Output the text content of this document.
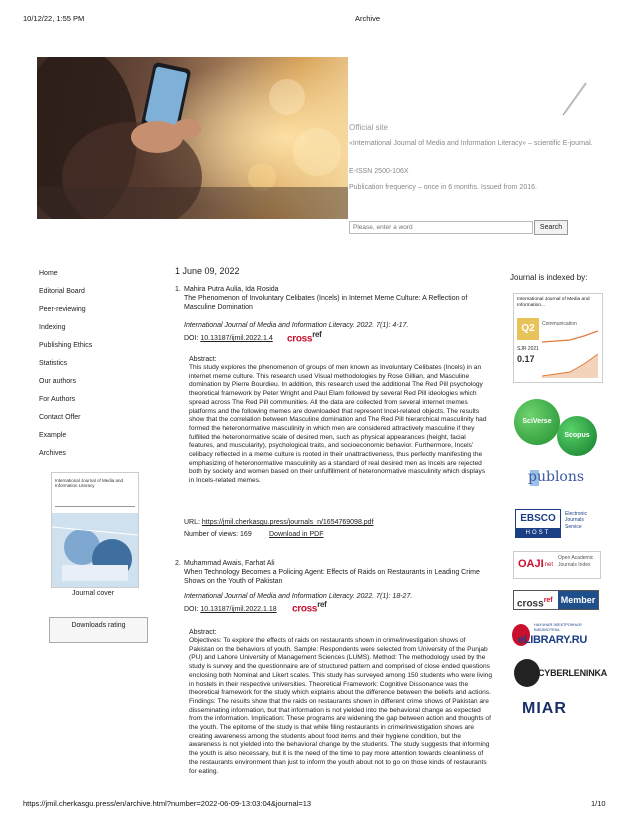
10/12/22, 1:55 PM	Archive
https://jmil.cherkasgu.press/en/archive.html?number=2022-06-09-13:03:04&journal=13	1/10
Official site
«International Journal of Media and Information Literacy» – scientific E-journal.
E-ISSN 2500-106X
Publication frequency – once in 6 months. Issued from 2016.
Please, enter a word
Search
Home
Editorial Board
Peer-reviewing
Indexing
Publishing Ethics
Statistics
Our authors
For Authors
Contact Offer
Example
Archives
International Journal of Media and Information Literacy
Journal cover
Downloads rating
1 June 09, 2022
1. Mahira Putra Aulia, Ida Rosida
The Phenomenon of Involuntary Celibates (Incels) in Internet Meme Culture: A Reflection of Masculine Domination
International Journal of Media and Information Literacy. 2022. 7(1): 4-17.
DOI: 10.13187/ijmil.2022.1.4 cross$^{ref}$
Abstract:
This study explores the phenomenon of groups of men known as Involuntary Celibates (Incels) in an internet meme culture. This research used Visual methodologies by Rose Gillian, and Masculine domination by Pierre Bourdieu. In addition, this research used the additional The Red Pill psychology theoretical framework by Peter Wright and Paul Elam followed by several Red Pill ideologies which spread across The Red Pill communities. All the data are collected from several internet memes platforms and the following memes are downloaded that represent Incel-related objects. The results show that the correlation between Masculine domination and The Red Pill hierarchical masculinity had formed the heteronormative masculinity in which men are considered attractively masculine if they fulfilled the heteronormative scale of desired men, such as physical appearances (height, facial features, and muscularity), psychological traits, and socioeconomic behavior. Furthermore, Incels' celibacy reflected in a meme culture is rooted in their unattractiveness, thus perfectly manifesting the emphasizing of heteronormative masculinity as a standard of real desired men as Incels are rejected both by society and women based on their unfulfillment of heteronormative masculinity which displays in Incels-related memes.
URL: https://jmil.cherkasgu.press/journals_n/1654769098.pdf
Number of views: 169 Download in PDF
2. Muhammad Awais, Farhat Ali
When Technology Becomes a Policing Agent: Effects of Raids on Restaurants in Leading Crime Shows on the Youth of Pakistan
International Journal of Media and Information Literacy. 2022. 7(1): 18-27.
DOI: 10.13187/ijmil.2022.1.18 cross$^{ref}$
Abstract:
Objectives: To explore the effects of raids on restaurants shown in crime/investigation shows of Pakistan on the behaviors of youth. Sample: Respondents were selected from University of the Punjab (PU) and Lahore University of Management Sciences (LUMS). Method: The methodology used by the study is survey and the questionnaire are of structured pattern and comprised of close ended questions enclosing both Nominal and Likert scales. This study has surveyed among 150 students who were living in hostels in their respective universities. Theoretical Framework: Cognitive Dissonance was the theoretical framework for the study which explains about the difference between the beliefs and actions. Findings: The results show that the raids on restaurants shown in different crime shows of Pakistan are disseminating information, but that information is not yielded into the behavioral change as expected from the information. Implication: These programs are widening the gap between action and thoughts of the youth. The epitome of the study is that while filing restaurants in crime/investigation shows are creating awareness among the students about food items and their hygiene condition, but the awareness is not yielded into the behavioral change by the students. The study suggests that informing the youth is also necessary, but it is the need of the time to pay more attention towards cleanliness of the restaurants environment than just to inform the youth about not to go on those kinds of restaurants for eating.
Journal is indexed by:
International Journal of Media and Information...
Q2	Communication
SJR 2021
0.17
SciVerse
Scopus
publons
EBSCO
HOST
Electronic Journals Service
OAJI .net
Open Academic Journals Index
cross$^{ref}$ Member
НАУЧНАЯ ЭЛЕКТРОННАЯ БИБЛИОТЕКА
eLIBRARY.RU
CYBERLENINKA
MIAR
